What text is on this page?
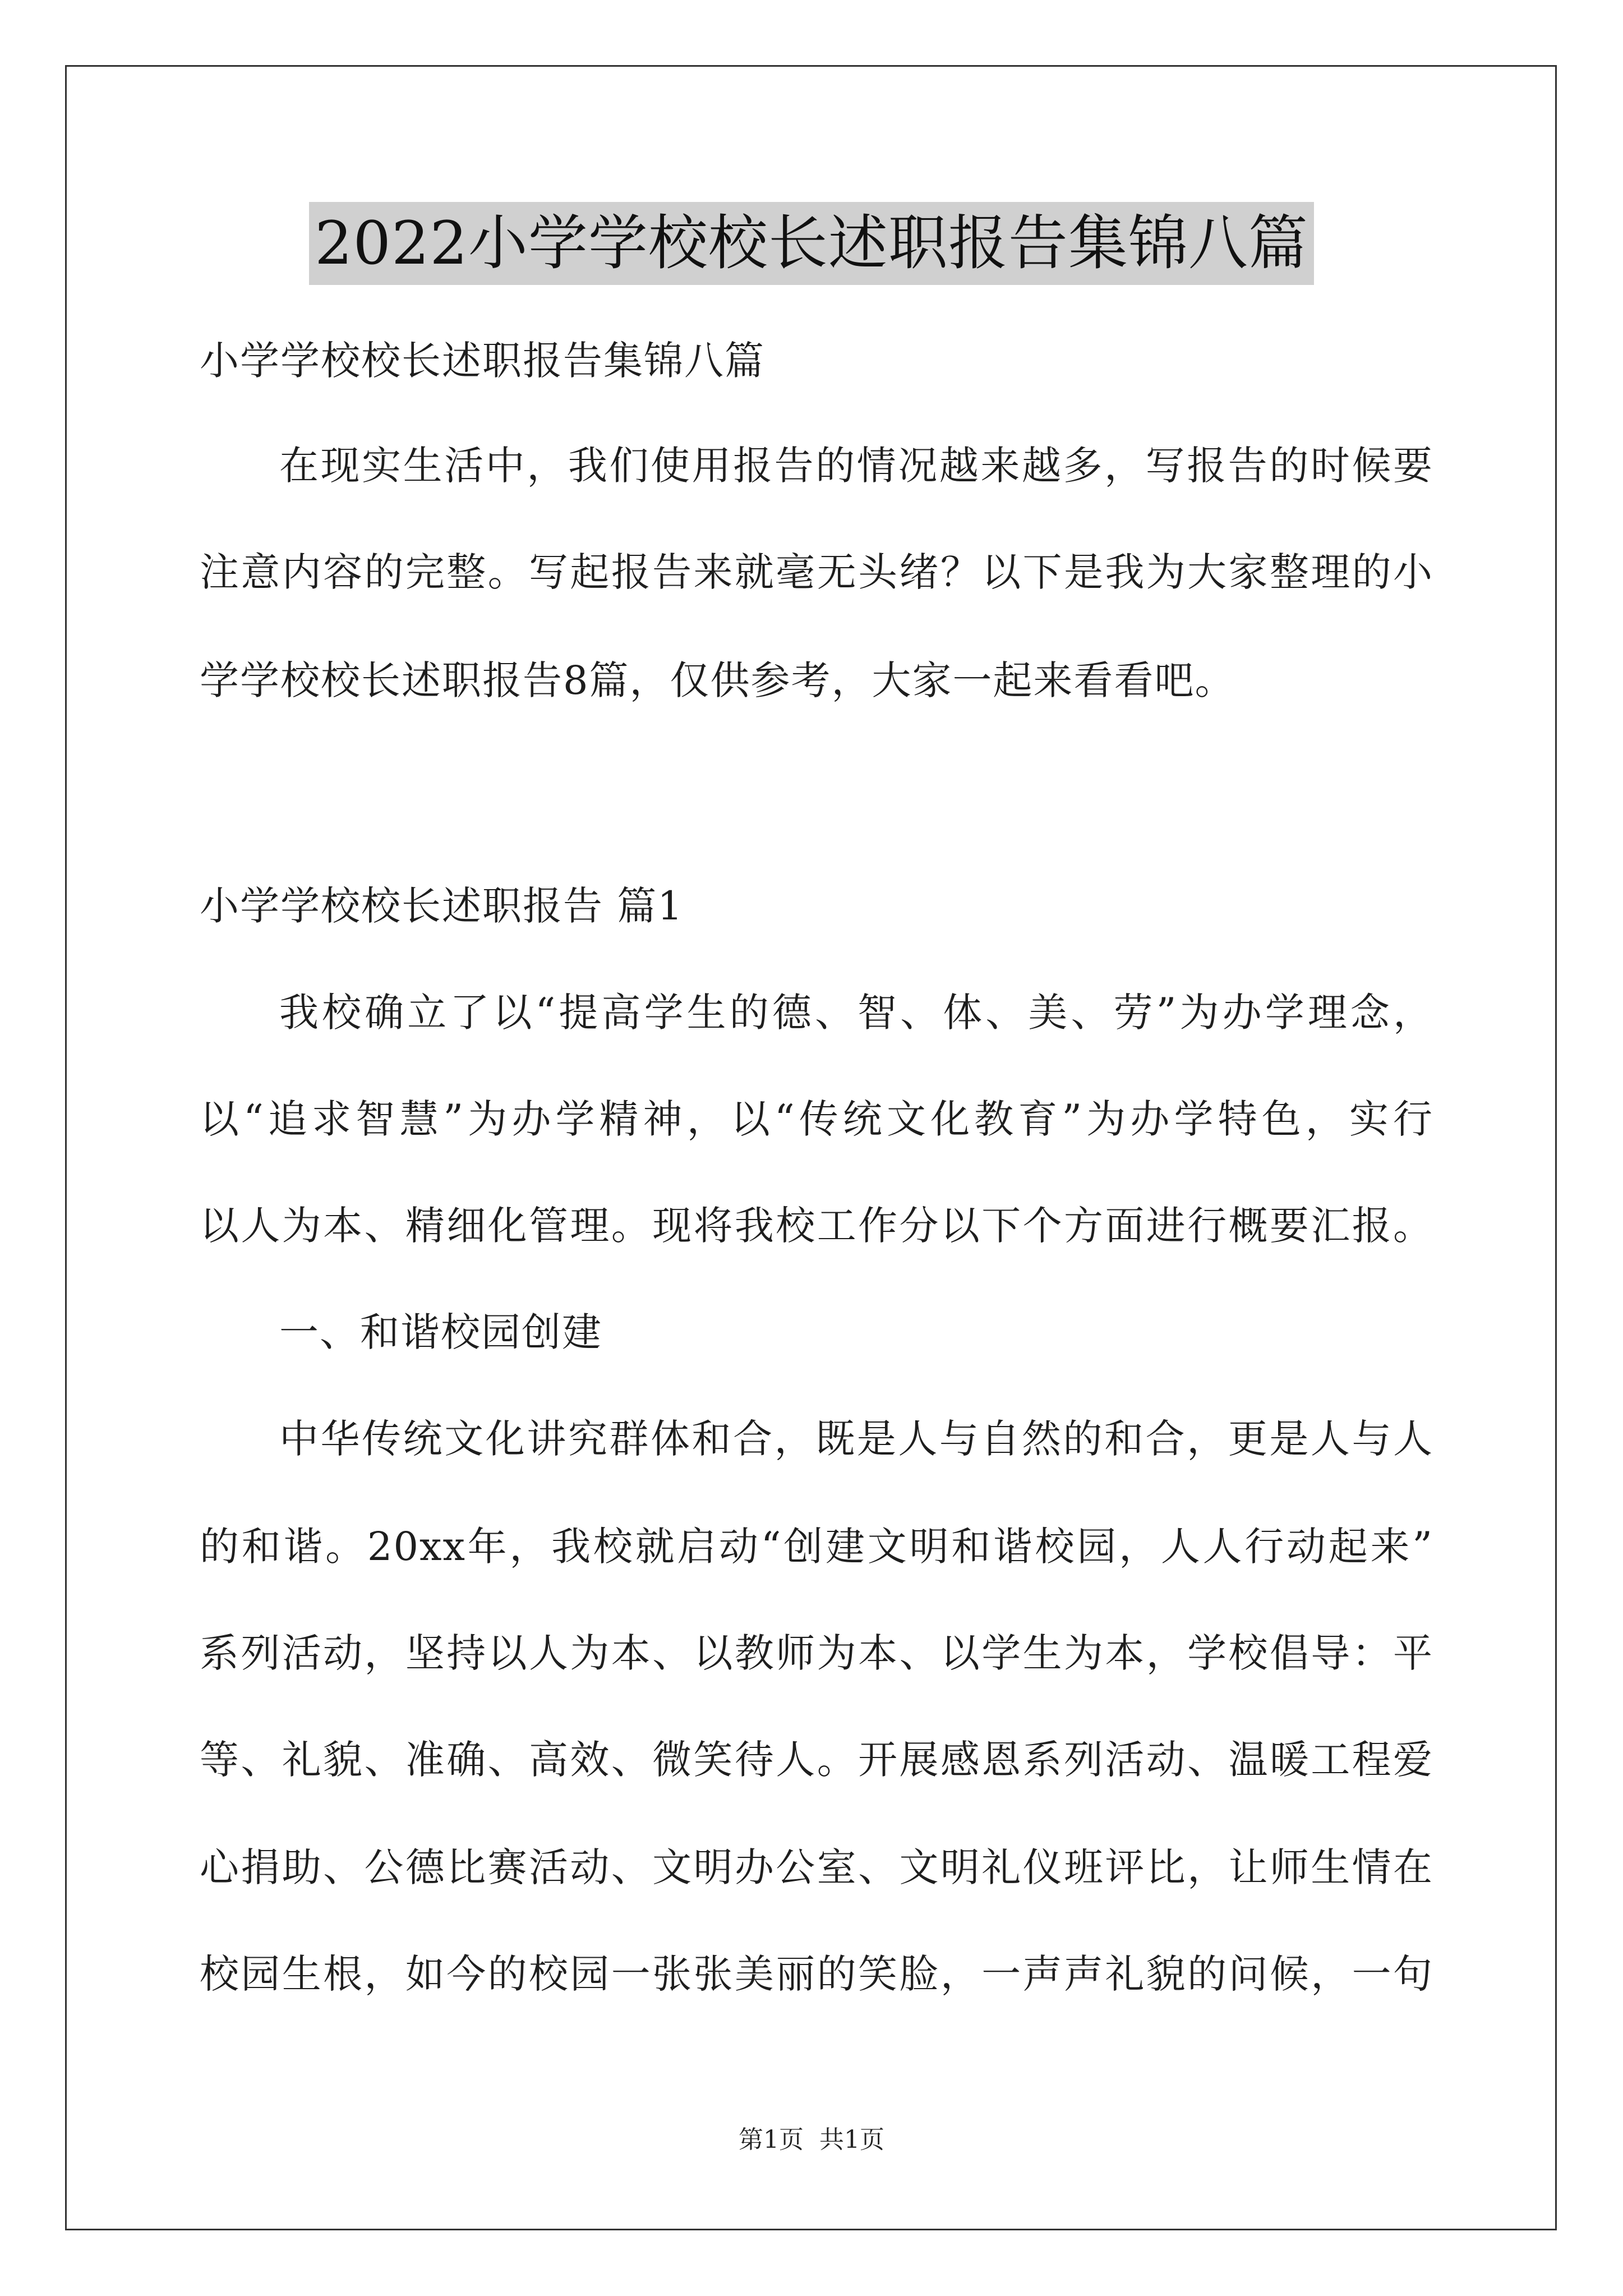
2022小学学校校长述职报告集锦八篇
小学学校校长述职报告集锦八篇
在现实生活中，我们使用报告的情况越来越多，写报告的时候要
注意内容的完整。写起报告来就毫无头绪？以下是我为大家整理的小
学学校校长述职报告8篇，仅供参考，大家一起来看看吧。
小学学校校长述职报告 篇1
我校确立了以“提高学生的德、智、体、美、劳”为办学理念，
以“追求智慧”为办学精神，以“传统文化教育”为办学特色，实行
以人为本、精细化管理。现将我校工作分以下个方面进行概要汇报。
一、和谐校园创建
中华传统文化讲究群体和合，既是人与自然的和合，更是人与人
的和谐。20xx年，我校就启动“创建文明和谐校园，人人行动起来”
系列活动，坚持以人为本、以教师为本、以学生为本，学校倡导：平
等、礼貌、准确、高效、微笑待人。开展感恩系列活动、温暖工程爱
心捐助、公德比赛活动、文明办公室、文明礼仪班评比，让师生情在
校园生根，如今的校园一张张美丽的笑脸，一声声礼貌的问候，一句
第1页 共1页
